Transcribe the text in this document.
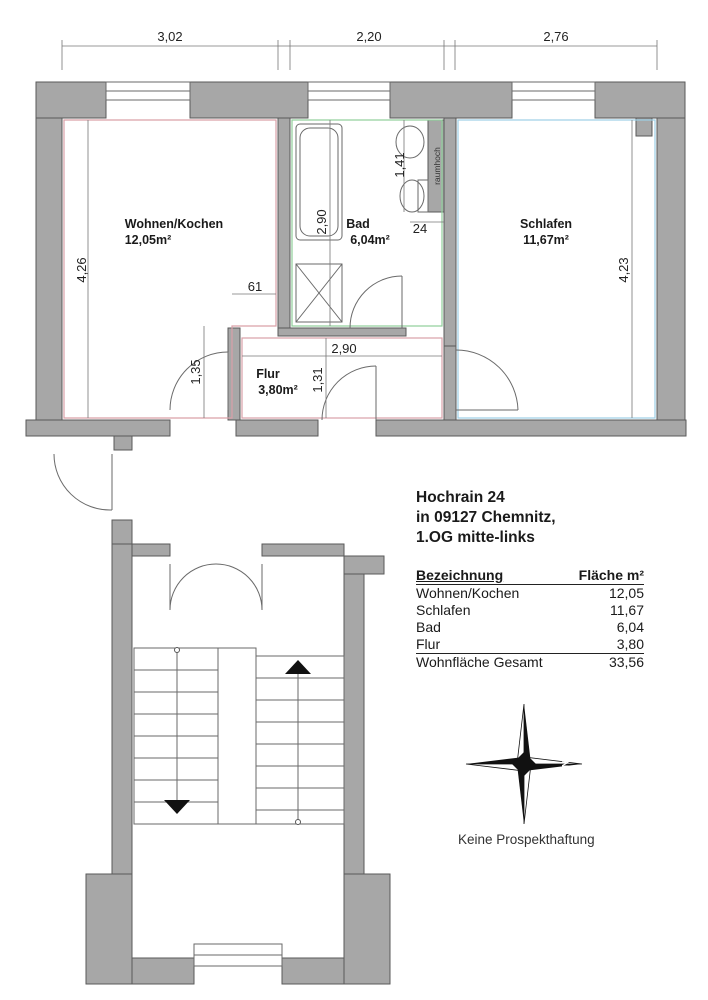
3,02	2,20	2,76
4,26
2,90
1,41
24
raumhoch
4,23
61
2,90
1,35	1,31
Wohnen/Kochen
12,05m²
Bad
6,04m²
Schlafen
11,67m²
Flur
3,80m²
N
Hochrain 24
in 09127 Chemnitz,
1.OG mitte-links
Bezeichnung	Fläche m²
Wohnen/Kochen	12,05
Schlafen	11,67
Bad	6,04
Flur	3,80
Wohnfläche Gesamt	33,56
Keine Prospekthaftung
